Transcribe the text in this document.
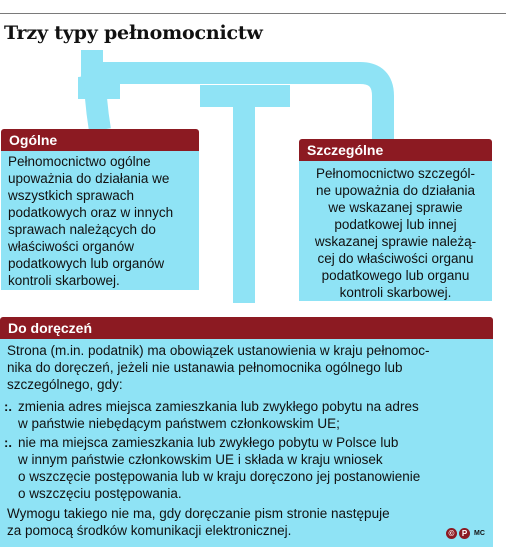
Trzy typy pełnomocnictw
Ogólne
Pełnomocnictwo ogólne
upoważnia do działania we
wszystkich sprawach
podatkowych oraz w innych
sprawach należących do
właściwości organów
podatkowych lub organów
kontroli skarbowej.
Szczególne
Pełnomocnictwo szczegól-
ne upoważnia do działania
we wskazanej sprawie
podatkowej lub innej
wskazanej sprawie należą-
cej do właściwości organu
podatkowego lub organu
kontroli skarbowej.
Do doręczeń
Strona (m.in. podatnik) ma obowiązek ustanowienia w kraju pełnomoc-
nika do doręczeń, jeżeli nie ustanawia pełnomocnika ogólnego lub
szczególnego, gdy:
:. zmienia adres miejsca zamieszkania lub zwykłego pobytu na adres
w państwie niebędącym państwem członkowskim UE;
:. nie ma miejsca zamieszkania lub zwykłego pobytu w Polsce lub
w innym państwie członkowskim UE i składa w kraju wniosek
o wszczęcie postępowania lub w kraju doręczono jej postanowienie
o wszczęciu postępowania.
Wymogu takiego nie ma, gdy doręczanie pism stronie następuje
za pomocą środków komunikacji elektronicznej.	© P MC
